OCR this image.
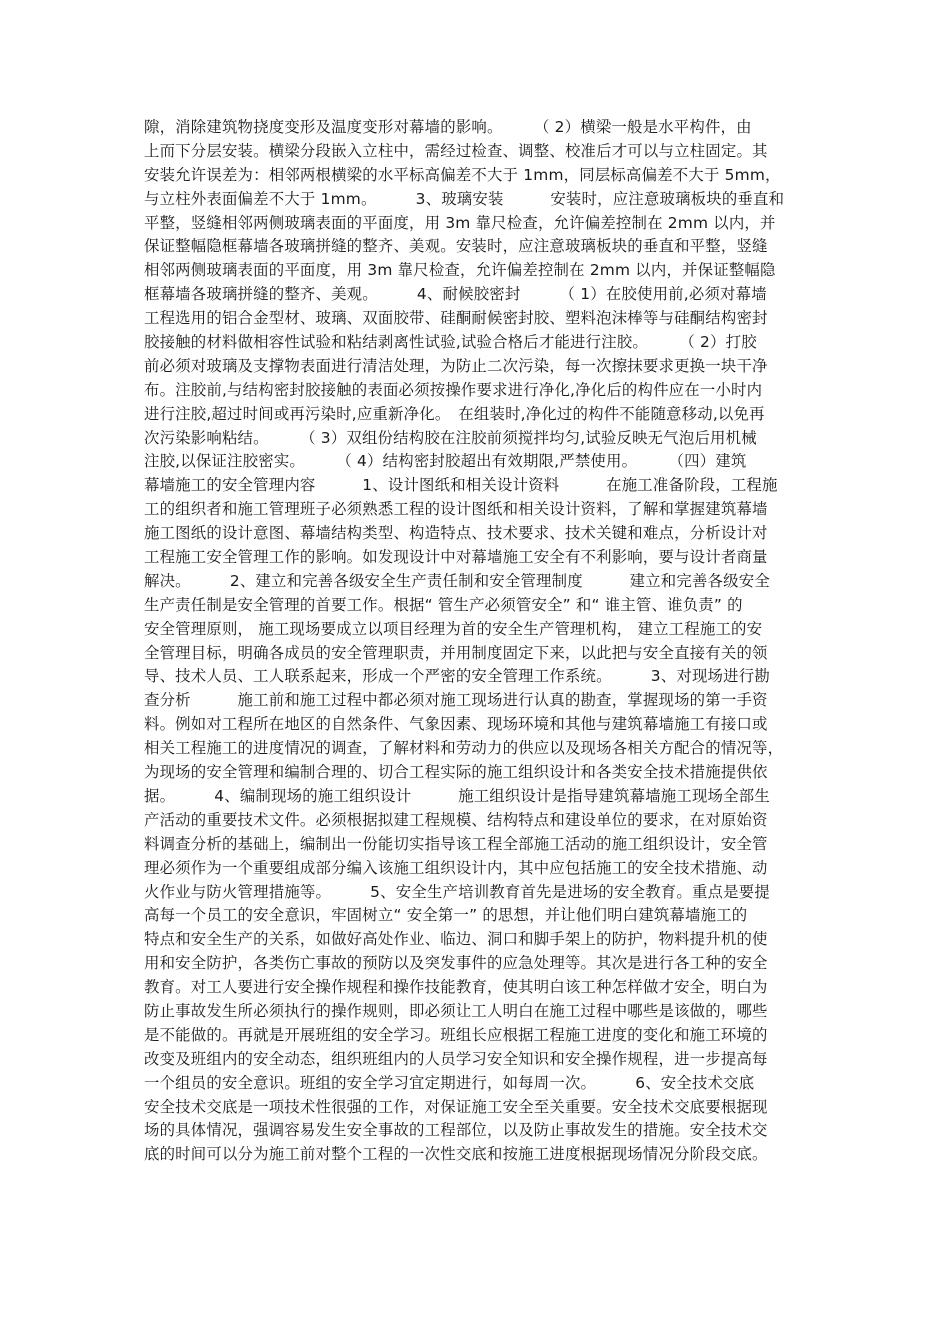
隙，消除建筑物挠度变形及温度变形对幕墙的影响。　　　（ 2）横梁一般是水平构件，由
上而下分层安装。横梁分段嵌入立柱中，需经过检查、调整、校准后才可以与立柱固定。其
安装允许误差为：相邻两根横梁的水平标高偏差不大于 1mm，同层标高偏差不大于 5mm，
与立柱外表面偏差不大于 1mm。　　　3、玻璃安装　　　安装时，应注意玻璃板块的垂直和
平整，竖缝相邻两侧玻璃表面的平面度，用 3m 靠尺检查，允许偏差控制在 2mm 以内，并
保证整幅隐框幕墙各玻璃拼缝的整齐、美观。安装时，应注意玻璃板块的垂直和平整，竖缝
相邻两侧玻璃表面的平面度，用 3m 靠尺检查，允许偏差控制在 2mm 以内，并保证整幅隐
框幕墙各玻璃拼缝的整齐、美观。　　　4、耐候胶密封　　　（ 1）在胶使用前,必须对幕墙
工程选用的铝合金型材、玻璃、双面胶带、硅酮耐候密封胶、塑料泡沫棒等与硅酮结构密封
胶接触的材料做相容性试验和粘结剥离性试验,试验合格后才能进行注胶。　　　（ 2）打胶
前必须对玻璃及支撑物表面进行清洁处理，为防止二次污染，每一次擦抹要求更换一块干净
布。注胶前,与结构密封胶接触的表面必须按操作要求进行净化,净化后的构件应在一小时内
进行注胶,超过时间或再污染时,应重新净化。　在组装时,净化过的构件不能随意移动,以免再
次污染影响粘结。　　　（ 3）双组份结构胶在注胶前须搅拌均匀,试验反映无气泡后用机械
注胶,以保证注胶密实。　　　（ 4）结构密封胶超出有效期限,严禁使用。　　　（四）建筑
幕墙施工的安全管理内容　　　1、设计图纸和相关设计资料　　　在施工准备阶段，工程施
工的组织者和施工管理班子必须熟悉工程的设计图纸和相关设计资料，了解和掌握建筑幕墙
施工图纸的设计意图、幕墙结构类型、构造特点、技术要求、技术关键和难点，分析设计对
工程施工安全管理工作的影响。如发现设计中对幕墙施工安全有不利影响，要与设计者商量
解决。　　　2、建立和完善各级安全生产责任制和安全管理制度　　　建立和完善各级安全
生产责任制是安全管理的首要工作。根据“ 管生产必须管安全” 和“ 谁主管、谁负责” 的
安全管理原则， 施工现场要成立以项目经理为首的安全生产管理机构， 建立工程施工的安
全管理目标，明确各成员的安全管理职责，并用制度固定下来，以此把与安全直接有关的领
导、技术人员、工人联系起来，形成一个严密的安全管理工作系统。　　　3、对现场进行勘
查分析　　　施工前和施工过程中都必须对施工现场进行认真的勘查，掌握现场的第一手资
料。例如对工程所在地区的自然条件、气象因素、现场环境和其他与建筑幕墙施工有接口或
相关工程施工的进度情况的调查，了解材料和劳动力的供应以及现场各相关方配合的情况等，
为现场的安全管理和编制合理的、切合工程实际的施工组织设计和各类安全技术措施提供依
据。　　　4、编制现场的施工组织设计　　　施工组织设计是指导建筑幕墙施工现场全部生
产活动的重要技术文件。必须根据拟建工程规模、结构特点和建设单位的要求，在对原始资
料调查分析的基础上，编制出一份能切实指导该工程全部施工活动的施工组织设计，安全管
理必须作为一个重要组成部分编入该施工组织设计内，其中应包括施工的安全技术措施、动
火作业与防火管理措施等。　　　5、安全生产培训教育首先是进场的安全教育。重点是要提
高每一个员工的安全意识，牢固树立“ 安全第一” 的思想，并让他们明白建筑幕墙施工的
特点和安全生产的关系，如做好高处作业、临边、洞口和脚手架上的防护，物料提升机的使
用和安全防护，各类伤亡事故的预防以及突发事件的应急处理等。其次是进行各工种的安全
教育。对工人要进行安全操作规程和操作技能教育，使其明白该工种怎样做才安全，明白为
防止事故发生所必须执行的操作规则，即必须让工人明白在施工过程中哪些是该做的，哪些
是不能做的。再就是开展班组的安全学习。班组长应根据工程施工进度的变化和施工环境的
改变及班组内的安全动态，组织班组内的人员学习安全知识和安全操作规程，进一步提高每
一个组员的安全意识。班组的安全学习宜定期进行，如每周一次。　　　6、安全技术交底
安全技术交底是一项技术性很强的工作，对保证施工安全至关重要。安全技术交底要根据现
场的具体情况，强调容易发生安全事故的工程部位，以及防止事故发生的措施。安全技术交
底的时间可以分为施工前对整个工程的一次性交底和按施工进度根据现场情况分阶段交底。
